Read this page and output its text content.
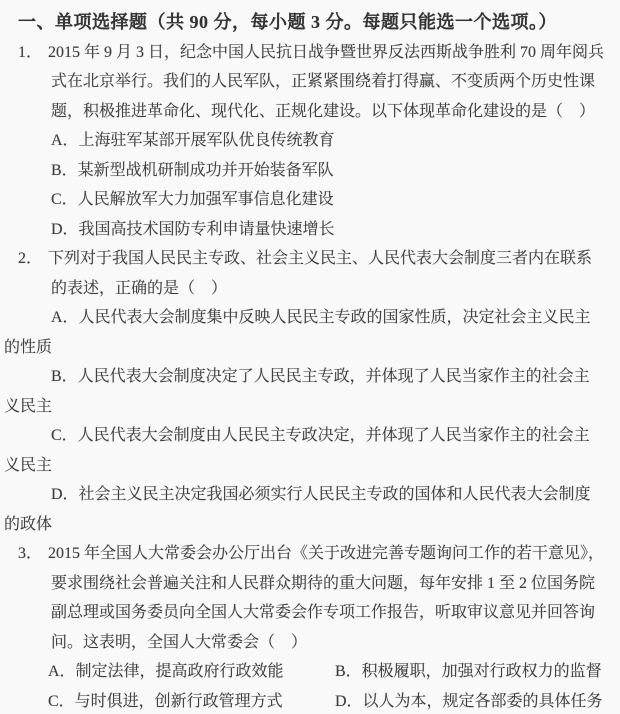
一、单项选择题（共 90 分，每小题 3 分。每题只能选一个选项。）
1． 2015 年 9 月 3 日，纪念中国人民抗日战争暨世界反法西斯战争胜利 70 周年阅兵
式在北京举行。我们的人民军队，正紧紧围绕着打得赢、不变质两个历史性课
题，积极推进革命化、现代化、正规化建设。以下体现革命化建设的是（　）
A．上海驻军某部开展军队优良传统教育
B．某新型战机研制成功并开始装备军队
C．人民解放军大力加强军事信息化建设
D．我国高技术国防专利申请量快速增长
2． 下列对于我国人民民主专政、社会主义民主、人民代表大会制度三者内在联系
的表述，正确的是（　）
A．人民代表大会制度集中反映人民民主专政的国家性质，决定社会主义民主
的性质
B．人民代表大会制度决定了人民民主专政，并体现了人民当家作主的社会主
义民主
C．人民代表大会制度由人民民主专政决定，并体现了人民当家作主的社会主
义民主
D．社会主义民主决定我国必须实行人民民主专政的国体和人民代表大会制度
的政体
3． 2015 年全国人大常委会办公厅出台《关于改进完善专题询问工作的若干意见》，
要求围绕社会普遍关注和人民群众期待的重大问题，每年安排 1 至 2 位国务院
副总理或国务委员向全国人大常委会作专项工作报告，听取审议意见并回答询
问。这表明，全国人大常委会（　）
A．制定法律，提高政府行政效能	B．积极履职，加强对行政权力的监督
C．与时俱进，创新行政管理方式	D．以人为本，规定各部委的具体任务
